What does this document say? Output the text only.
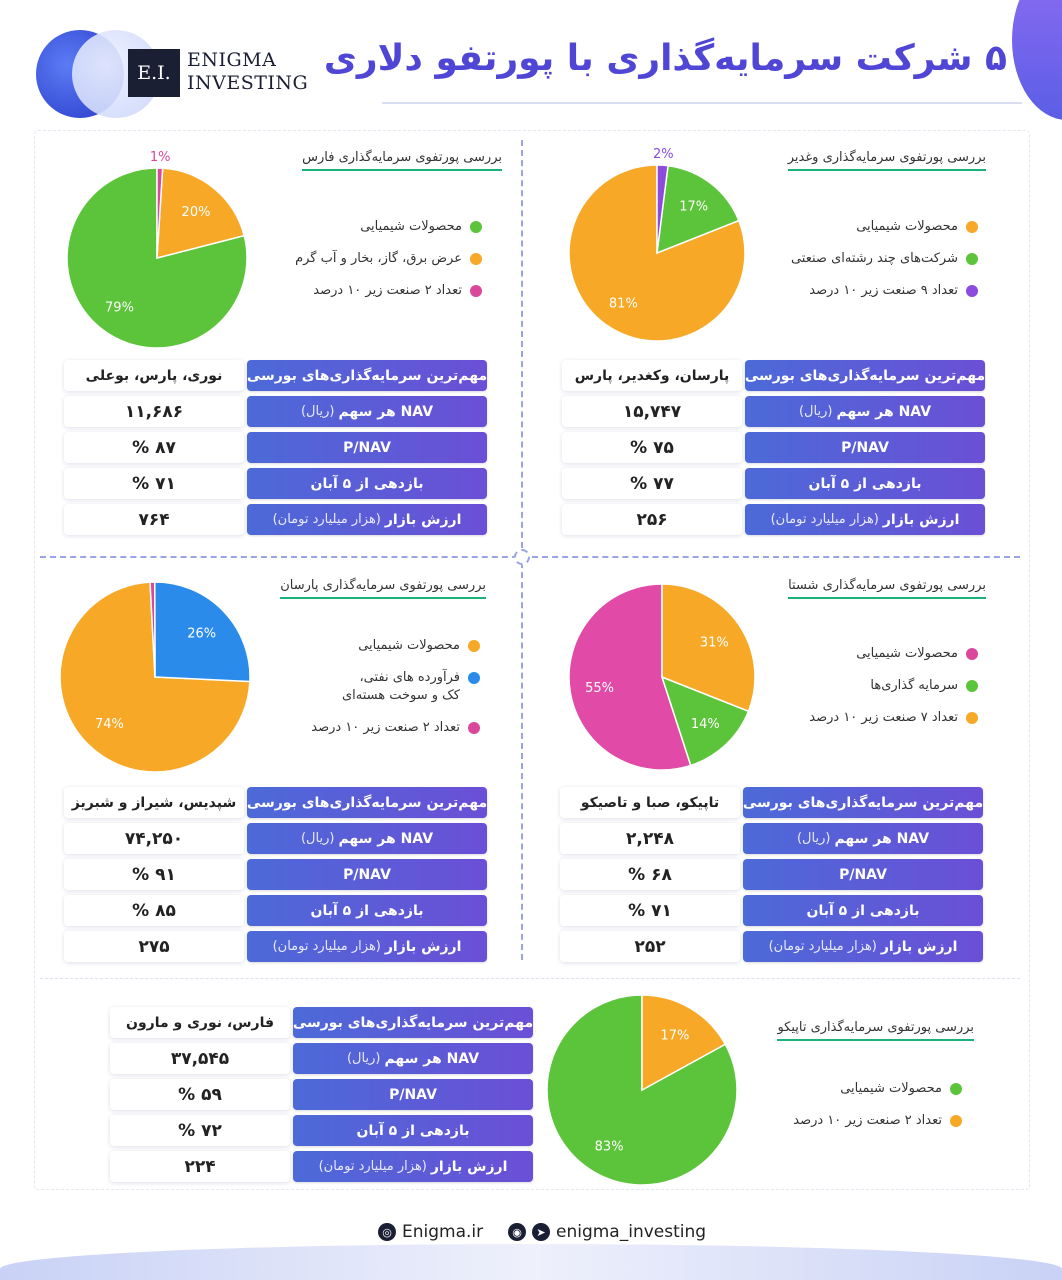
E.I.
ENIGMA
INVESTING
۵ شرکت سرمایه‌گذاری با پورتفو دلاری
بررسی پورتفوی سرمایه‌گذاری وغدیر
81%
17%
2%
محصولات شیمیایی
شرکت‌های چند رشته‌ای صنعتی
تعداد ۹ صنعت زیر ۱۰ درصد
مهم‌ترین سرمایه‌گذاری‌های بورسی
پارسان، وکغدیر، پارس
NAV هر سهم
(ریال)
۱۵,۷۴۷
P/NAV
۷۵ %
بازدهی از ۵ آبان
۷۷ %
ارزش بازار
(هزار میلیارد تومان)
۲۵۶
بررسی پورتفوی سرمایه‌گذاری فارس
79%
20%
1%
محصولات شیمیایی
عرض برق، گاز، بخار و آب گرم
تعداد ۲ صنعت زیر ۱۰ درصد
مهم‌ترین سرمایه‌گذاری‌های بورسی
نوری، پارس، بوعلی
NAV هر سهم
(ریال)
۱۱,۶۸۶
P/NAV
۸۷ %
بازدهی از ۵ آبان
۷۱ %
ارزش بازار
(هزار میلیارد تومان)
۷۶۴
بررسی پورتفوی سرمایه‌گذاری شستا
55%
14%
31%
محصولات شیمیایی
سرمایه گذاری‌ها
تعداد ۷ صنعت زیر ۱۰ درصد
مهم‌ترین سرمایه‌گذاری‌های بورسی
تاپیکو، صبا و تاصیکو
NAV هر سهم
(ریال)
۲,۲۴۸
P/NAV
۶۸ %
بازدهی از ۵ آبان
۷۱ %
ارزش بازار
(هزار میلیارد تومان)
۲۵۲
بررسی پورتفوی سرمایه‌گذاری پارسان
74%
26%
محصولات شیمیایی
فرآورده های نفتی،
کک و سوخت هسته‌ای
تعداد ۲ صنعت زیر ۱۰ درصد
مهم‌ترین سرمایه‌گذاری‌های بورسی
شپدیس، شیراز و شبریز
NAV هر سهم
(ریال)
۷۴,۲۵۰
P/NAV
۹۱ %
بازدهی از ۵ آبان
۸۵ %
ارزش بازار
(هزار میلیارد تومان)
۲۷۵
بررسی پورتفوی سرمایه‌گذاری تاپیکو
83%
17%
محصولات شیمیایی
تعداد ۲ صنعت زیر ۱۰ درصد
مهم‌ترین سرمایه‌گذاری‌های بورسی
فارس، نوری و مارون
NAV هر سهم
(ریال)
۳۷,۵۴۵
P/NAV
۵۹ %
بازدهی از ۵ آبان
۷۲ %
ارزش بازار
(هزار میلیارد تومان)
۲۲۴
◎ Enigma.ir	◉	➤ enigma_investing
